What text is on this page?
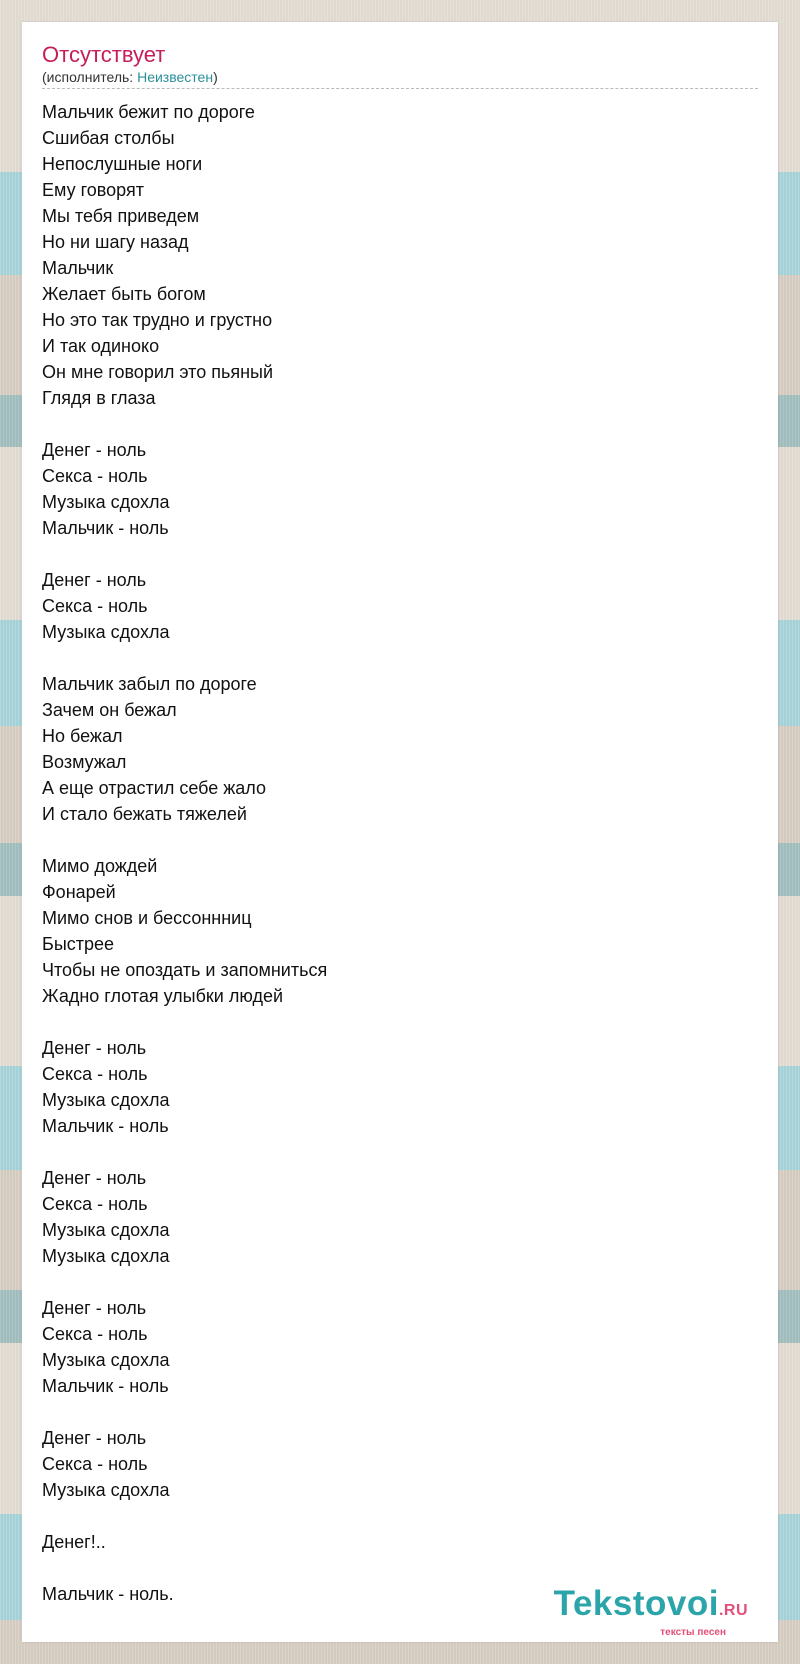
Отсутствует
(исполнитель: Неизвестен)
Мальчик бежит по дороге
Сшибая столбы
Непослушные ноги
Ему говорят
Мы тебя приведем
Но ни шагу назад
Мальчик
Желает быть богом
Но это так трудно и грустно
И так одиноко
Он мне говорил это пьяный
Глядя в глаза
Денег - ноль
Секса - ноль
Музыка сдохла
Мальчик - ноль
Денег - ноль
Секса - ноль
Музыка сдохла
Мальчик забыл по дороге
Зачем он бежал
Но бежал
Возмужал
А еще отрастил себе жало
И стало бежать тяжелей
Мимо дождей
Фонарей
Мимо снов и бессоннниц
Быстрее
Чтобы не опоздать и запомниться
Жадно глотая улыбки людей
Денег - ноль
Секса - ноль
Музыка сдохла
Мальчик - ноль
Денег - ноль
Секса - ноль
Музыка сдохла
Музыка сдохла
Денег - ноль
Секса - ноль
Музыка сдохла
Мальчик - ноль
Денег - ноль
Секса - ноль
Музыка сдохла
Денег!..
Мальчик - ноль.	Tekstovoi.RU
тексты песен
